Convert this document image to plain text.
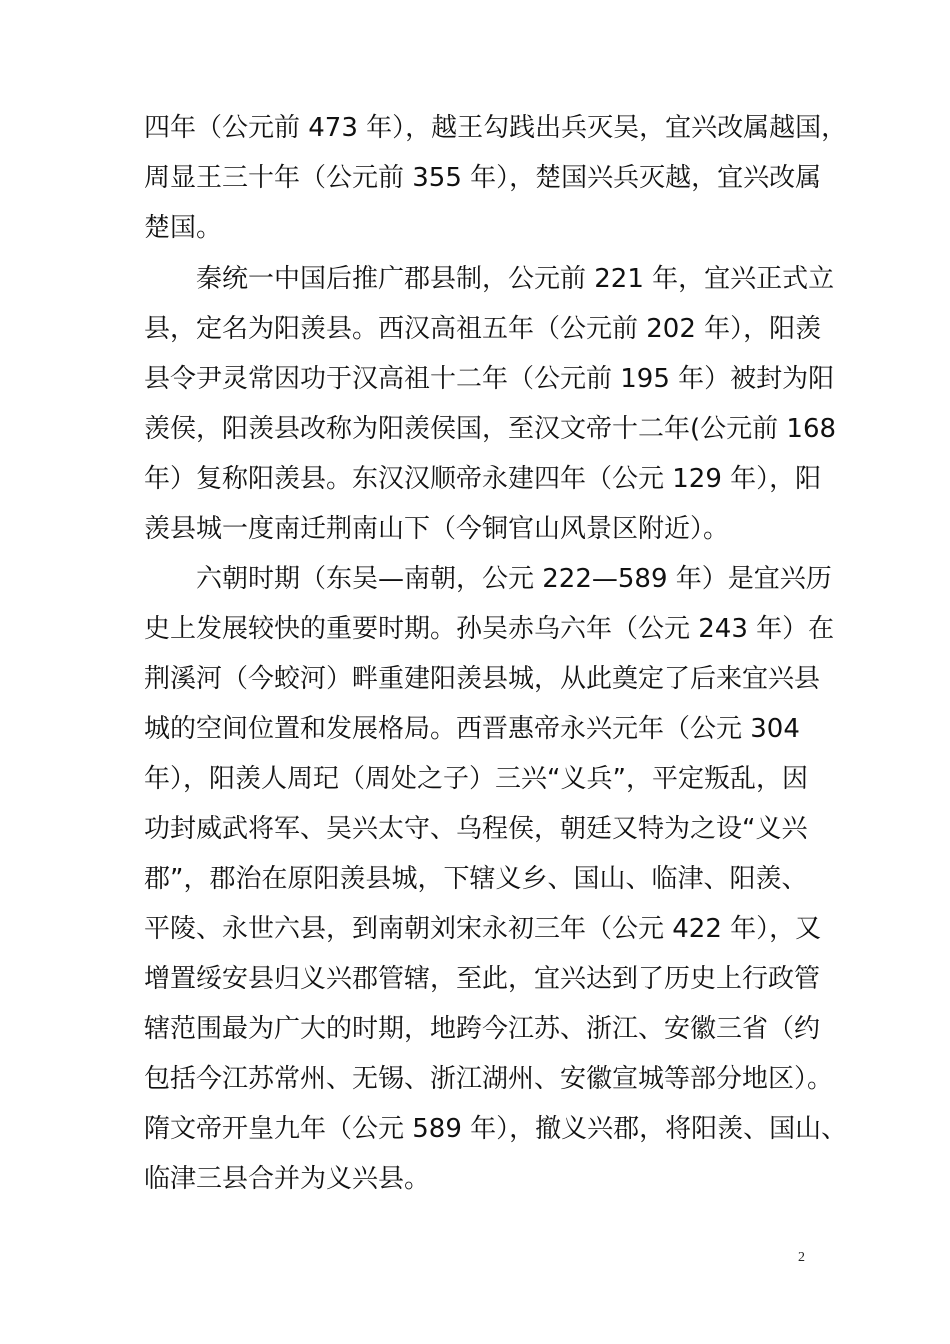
四年（公元前 473 年），越王勾践出兵灭吴，宜兴改属越国，
周显王三十年（公元前 355 年），楚国兴兵灭越，宜兴改属
楚国。
秦统一中国后推广郡县制，公元前 221 年，宜兴正式立
县，定名为阳羡县。西汉高祖五年（公元前 202 年），阳羡
县令尹灵常因功于汉高祖十二年（公元前 195 年）被封为阳
羡侯，阳羡县改称为阳羡侯国，至汉文帝十二年(公元前 168
年）复称阳羡县。东汉汉顺帝永建四年（公元 129 年），阳
羡县城一度南迁荆南山下（今铜官山风景区附近）。
六朝时期（东吴—南朝，公元 222—589 年）是宜兴历
史上发展较快的重要时期。孙吴赤乌六年（公元 243 年）在
荆溪河（今蛟河）畔重建阳羡县城，从此奠定了后来宜兴县
城的空间位置和发展格局。西晋惠帝永兴元年（公元 304
年），阳羡人周玘（周处之子）三兴“义兵”，平定叛乱，因
功封威武将军、吴兴太守、乌程侯，朝廷又特为之设“义兴
郡”，郡治在原阳羡县城，下辖义乡、国山、临津、阳羡、
平陵、永世六县，到南朝刘宋永初三年（公元 422 年），又
增置绥安县归义兴郡管辖，至此，宜兴达到了历史上行政管
辖范围最为广大的时期，地跨今江苏、浙江、安徽三省（约
包括今江苏常州、无锡、浙江湖州、安徽宣城等部分地区）。
隋文帝开皇九年（公元 589 年），撤义兴郡，将阳羡、国山、
临津三县合并为义兴县。
2
